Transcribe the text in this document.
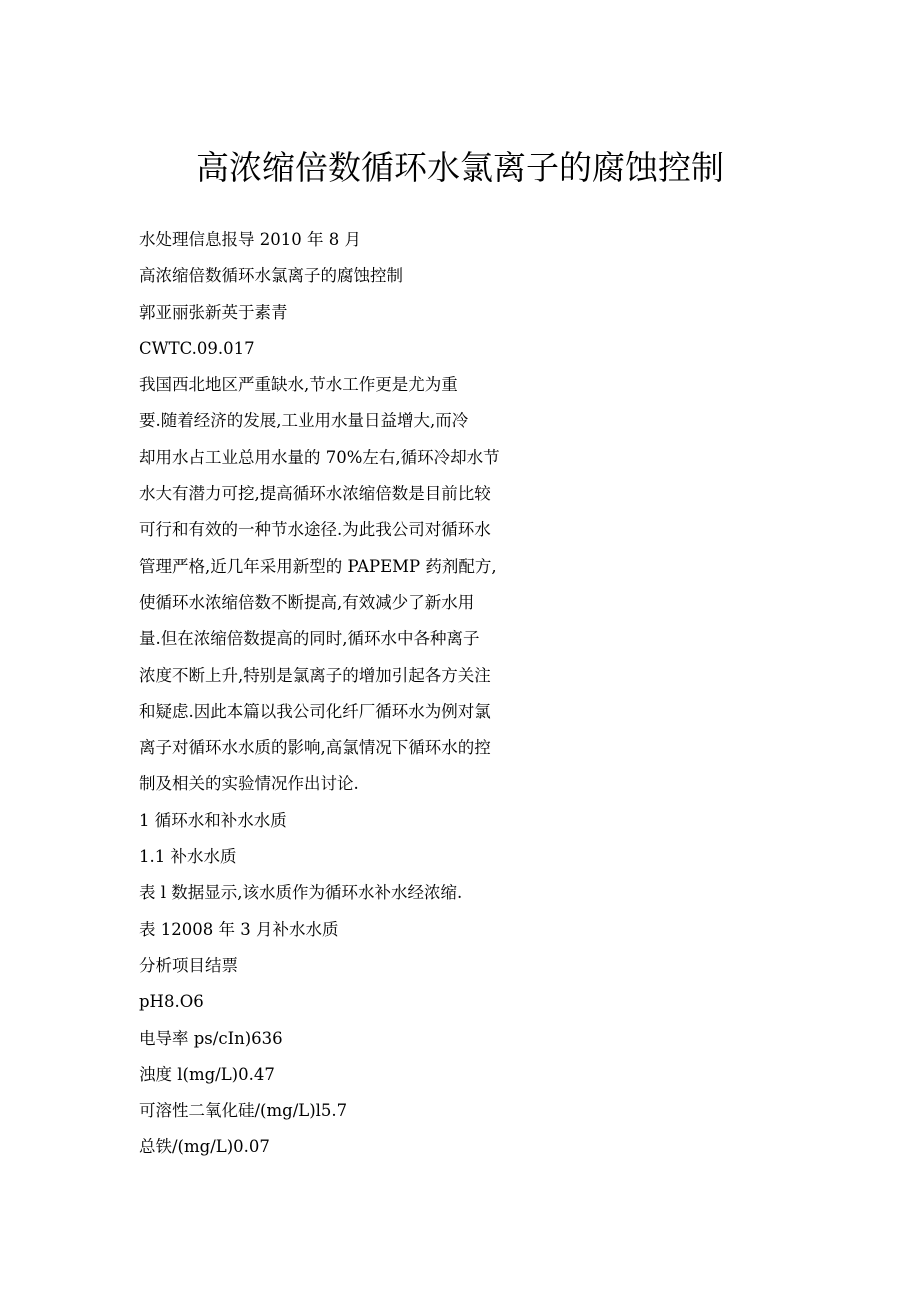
高浓缩倍数循环水氯离子的腐蚀控制

水处理信息报导 2010 年 8 月

高浓缩倍数循环水氯离子的腐蚀控制

郭亚丽张新英于素青

CWTC.09.017

我国西北地区严重缺水,节水工作更是尤为重

要.随着经济的发展,工业用水量日益增大,而冷

却用水占工业总用水量的 70%左右,循环冷却水节

水大有潜力可挖,提高循环水浓缩倍数是目前比较

可行和有效的一种节水途径.为此我公司对循环水

管理严格,近几年采用新型的 PAPEMP 药剂配方,

使循环水浓缩倍数不断提高,有效减少了新水用

量.但在浓缩倍数提高的同时,循环水中各种离子

浓度不断上升,特别是氯离子的增加引起各方关注

和疑虑.因此本篇以我公司化纤厂循环水为例对氯

离子对循环水水质的影响,高氯情况下循环水的控

制及相关的实验情况作出讨论.

1 循环水和补水水质

1.1 补水水质

表 l 数据显示,该水质作为循环水补水经浓缩.

表 12008 年 3 月补水水质

分析项目结票

pH8.O6

电导率 ps/cIn)636

浊度 l(mg/L)0.47

可溶性二氧化硅/(mg/L)l5.7

总铁/(mg/L)0.07
